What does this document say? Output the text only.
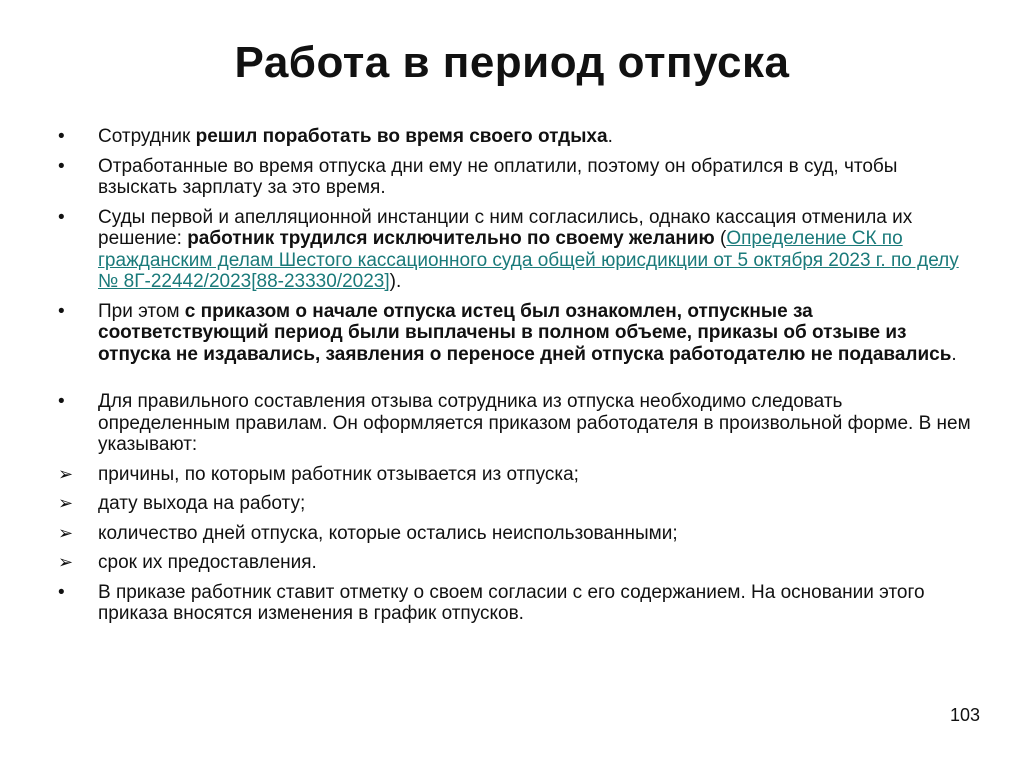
Работа в период отпуска
•	Сотрудник решил поработать во время своего отдыха.
•	Отработанные во время отпуска дни ему не оплатили, поэтому он обратился в суд, чтобы взыскать зарплату за это время.
•	Суды первой и апелляционной инстанции с ним согласились, однако кассация отменила их решение: работник трудился исключительно по своему желанию (Определение СК по гражданским делам Шестого кассационного суда общей юрисдикции от 5 октября 2023 г. по делу № 8Г-22442/2023[88-23330/2023]).
•	При этом с приказом о начале отпуска истец был ознакомлен, отпускные за соответствующий период были выплачены в полном объеме, приказы об отзыве из отпуска не издавались, заявления о переносе дней отпуска работодателю не подавались.
•	Для правильного составления отзыва сотрудника из отпуска необходимо следовать определенным правилам. Он оформляется приказом работодателя в произвольной форме. В нем указывают:
➢	причины, по которым работник отзывается из отпуска;
➢	дату выхода на работу;
➢	количество дней отпуска, которые остались неиспользованными;
➢	срок их предоставления.
•	В приказе работник ставит отметку о своем согласии с его содержанием. На основании этого приказа вносятся изменения в график отпусков.
103
